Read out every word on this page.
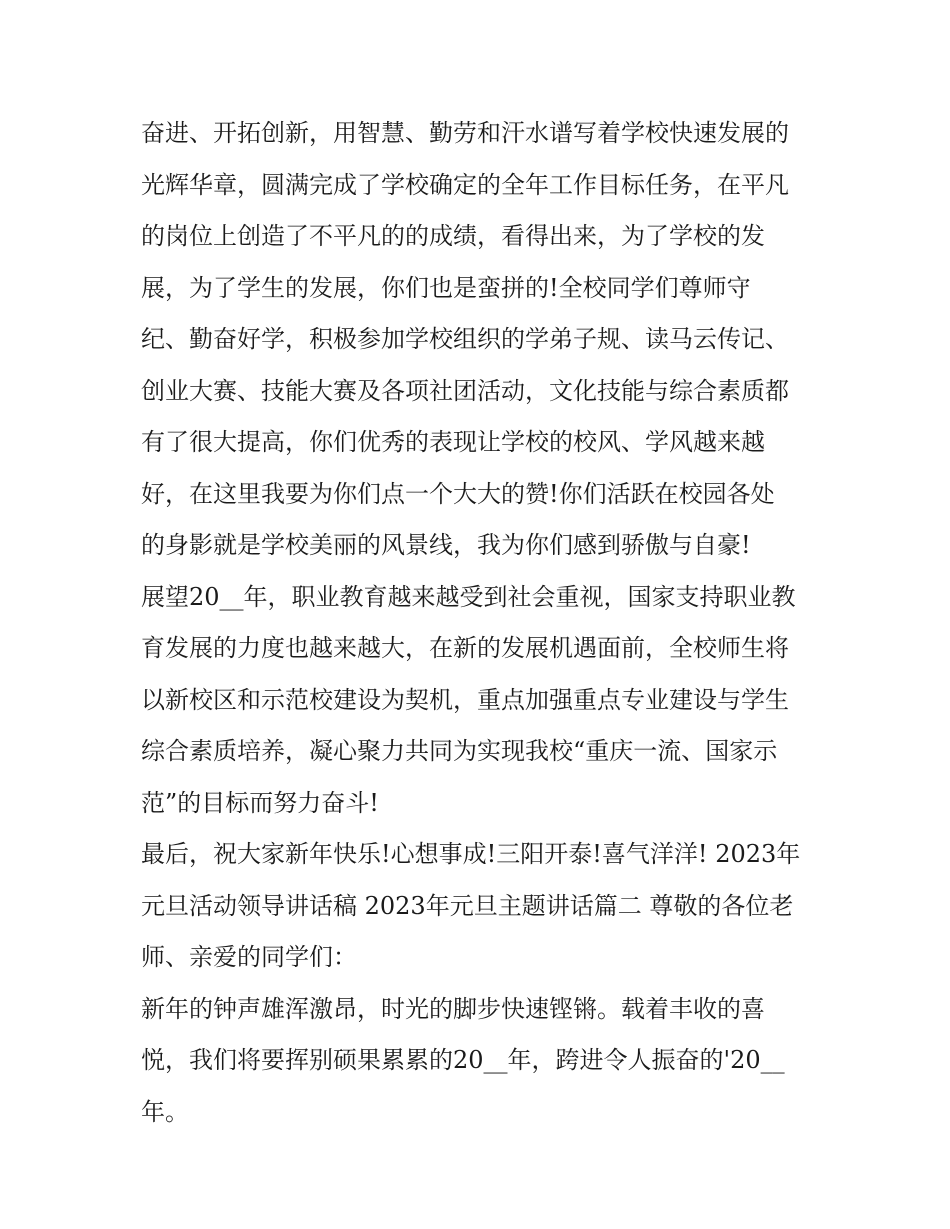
奋进、开拓创新，用智慧、勤劳和汗水谱写着学校快速发展的
光辉华章，圆满完成了学校确定的全年工作目标任务，在平凡
的岗位上创造了不平凡的的成绩，看得出来，为了学校的发
展，为了学生的发展，你们也是蛮拼的!全校同学们尊师守
纪、勤奋好学，积极参加学校组织的学弟子规、读马云传记、
创业大赛、技能大赛及各项社团活动，文化技能与综合素质都
有了很大提高，你们优秀的表现让学校的校风、学风越来越
好，在这里我要为你们点一个大大的赞!你们活跃在校园各处
的身影就是学校美丽的风景线，我为你们感到骄傲与自豪!
展望20__年，职业教育越来越受到社会重视，国家支持职业教
育发展的力度也越来越大，在新的发展机遇面前，全校师生将
以新校区和示范校建设为契机，重点加强重点专业建设与学生
综合素质培养，凝心聚力共同为实现我校“重庆一流、国家示
范”的目标而努力奋斗!
最后，祝大家新年快乐!心想事成!三阳开泰!喜气洋洋! 2023年
元旦活动领导讲话稿 2023年元旦主题讲话篇二 尊敬的各位老
师、亲爱的同学们：
新年的钟声雄浑激昂，时光的脚步快速铿锵。载着丰收的喜
悦，我们将要挥别硕果累累的20__年，跨进令人振奋的'20__
年。
